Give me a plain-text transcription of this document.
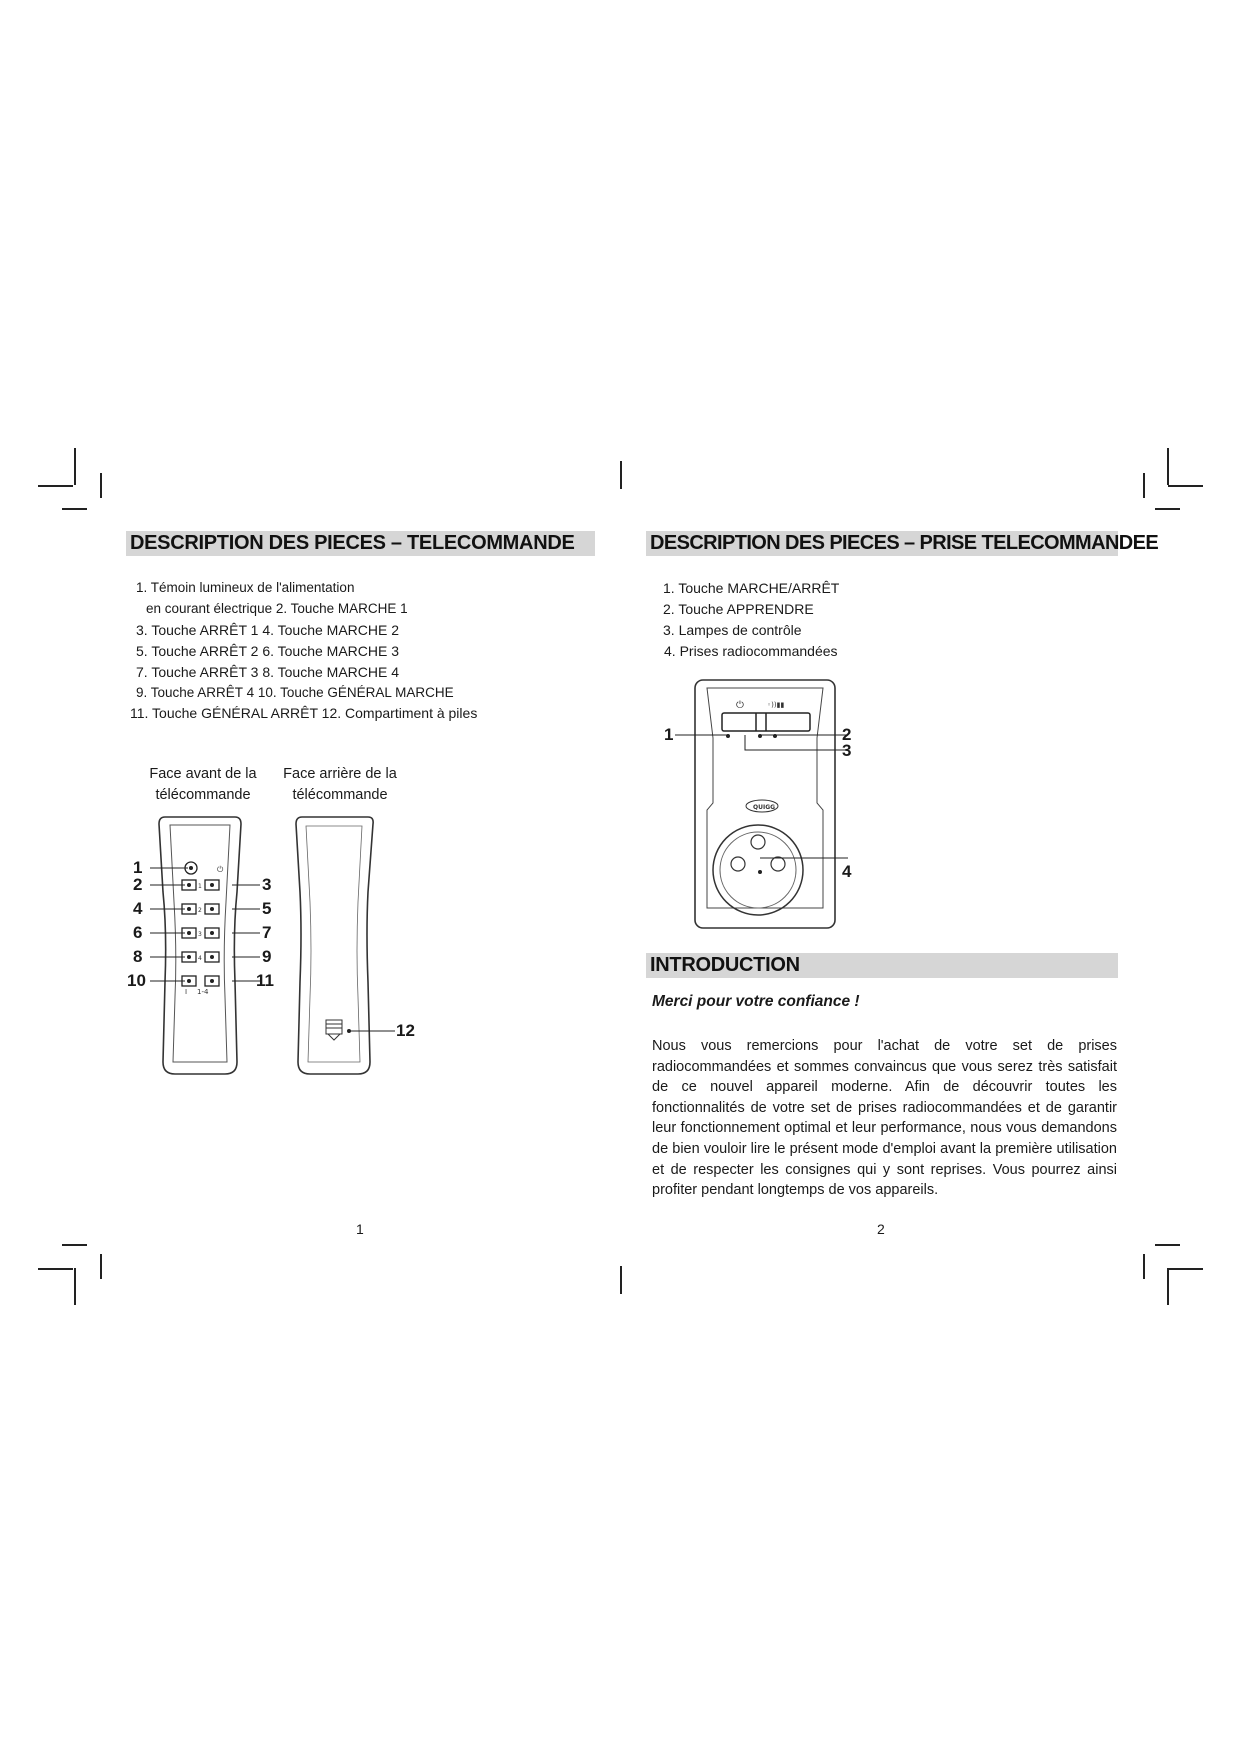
DESCRIPTION DES PIECES – TELECOMMANDE
1. Témoin lumineux de l'alimentation
en courant électrique 2. Touche MARCHE 1
3. Touche ARRÊT 1 4. Touche MARCHE 2
5. Touche ARRÊT 2 6. Touche MARCHE 3
7. Touche ARRÊT 3 8. Touche MARCHE 4
9. Touche ARRÊT 4 10. Touche GÉNÉRAL MARCHE
11. Touche GÉNÉRAL ARRÊT 12. Compartiment à piles
Face avant de la
télécommande
Face arrière de la
télécommande
⏻
1
2
3
4
I 1-4
1
2	3
4	5
6	7
8	9
10	11
12
1
DESCRIPTION DES PIECES – PRISE TELECOMMANDEE
1. Touche MARCHE/ARRÊT
2. Touche APPRENDRE
3. Lampes de contrôle
4. Prises radiocommandées
⏻	◦))▮▮
QUIGG
1	2
3
4
INTRODUCTION
Merci pour votre confiance !
Nous vous remercions pour l'achat de votre set de prises radiocommandées et sommes convaincus que vous serez très satisfait de ce nouvel appareil moderne. Afin de découvrir toutes les fonctionnalités de votre set de prises radiocommandées et de garantir leur fonctionnement optimal et leur performance, nous vous demandons de bien vouloir lire le présent mode d'emploi avant la première utilisation et de respecter les consignes qui y sont reprises. Vous pourrez ainsi profiter pendant longtemps de vos appareils.
2
